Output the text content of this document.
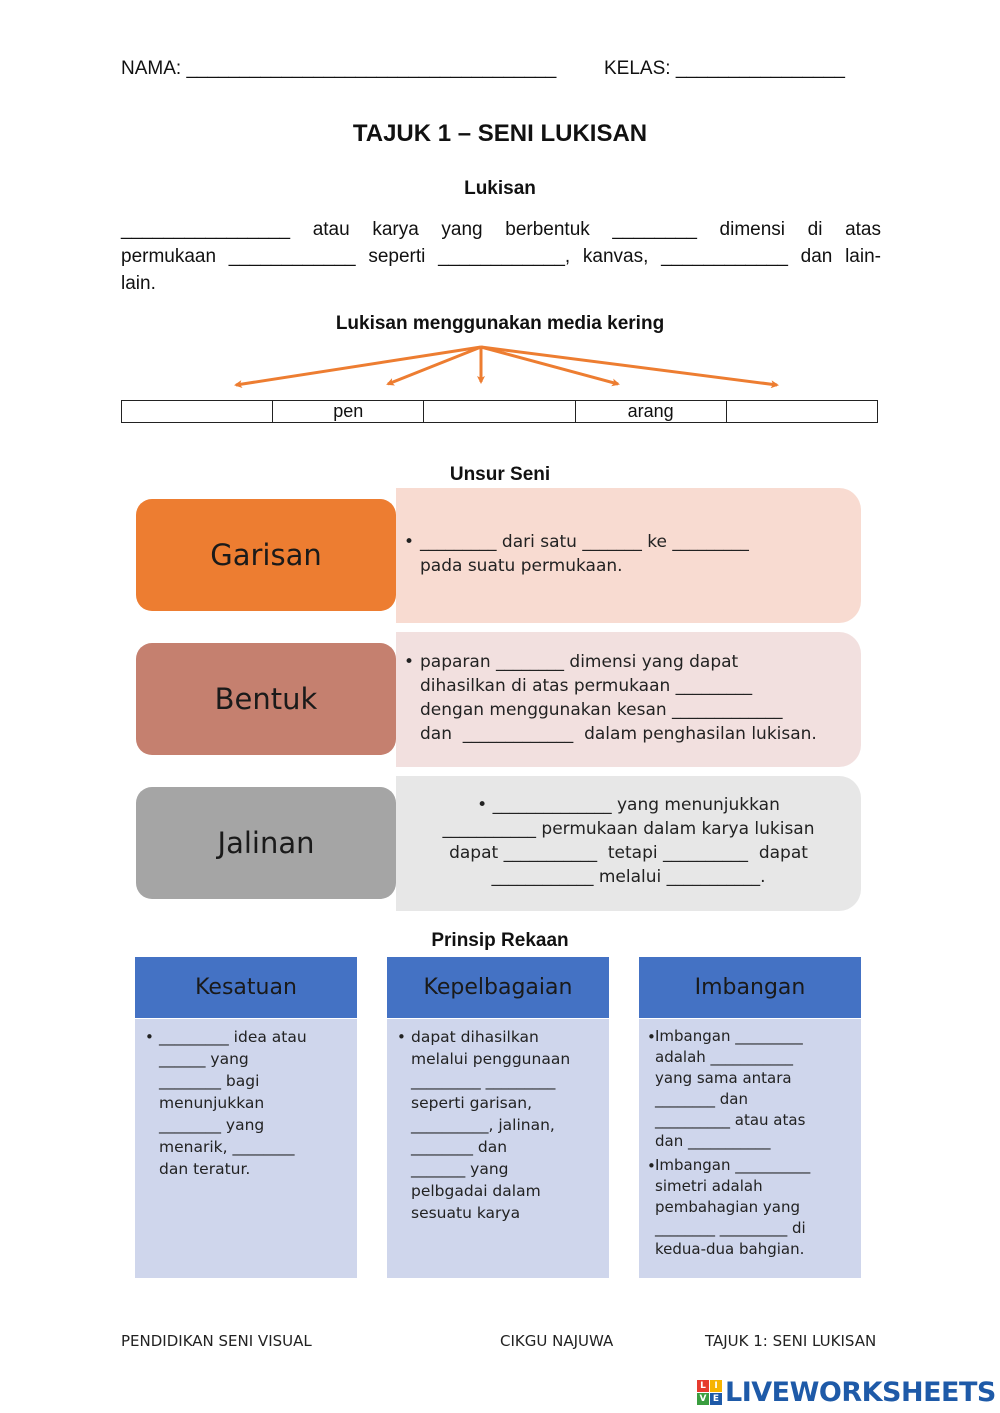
NAMA: ___________________________________	KELAS: ________________
TAJUK 1 – SENI LUKISAN
Lukisan
________________ atau karya yang berbentuk ________ dimensi di atas
permukaan ____________ seperti ____________, kanvas, ____________ dan lain-
lain.
Lukisan menggunakan media kering
	pen		arang	
Unsur Seni
• _________ dari satu _______ ke _________
pada suatu permukaan.
Garisan
• paparan ________ dimensi yang dapat
dihasilkan di atas permukaan _________
dengan menggunakan kesan _____________
dan  _____________  dalam penghasilan lukisan.
Bentuk
• ______________ yang menunjukkan
___________ permukaan dalam karya lukisan
dapat ___________  tetapi __________  dapat
____________ melalui ___________.
Jalinan
Prinsip Rekaan
Kesatuan
• _________ idea atau
______ yang
________ bagi
menunjukkan
________ yang
menarik, ________
dan teratur.
Kepelbagaian
• dapat dihasilkan
melalui penggunaan
_________ _________
seperti garisan,
__________, jalinan,
________ dan
_______ yang
pelbgadai dalam
sesuatu karya
Imbangan
• Imbangan _________
adalah ___________
yang sama antara
________ dan
__________ atau atas
dan ___________
• Imbangan __________
simetri adalah
pembahagian yang
________ _________ di
kedua-dua bahgian.
PENDIDIKAN SENI VISUAL	CIKGU NAJUWA	TAJUK 1: SENI LUKISAN
L I
V E LIVEWORKSHEETS
